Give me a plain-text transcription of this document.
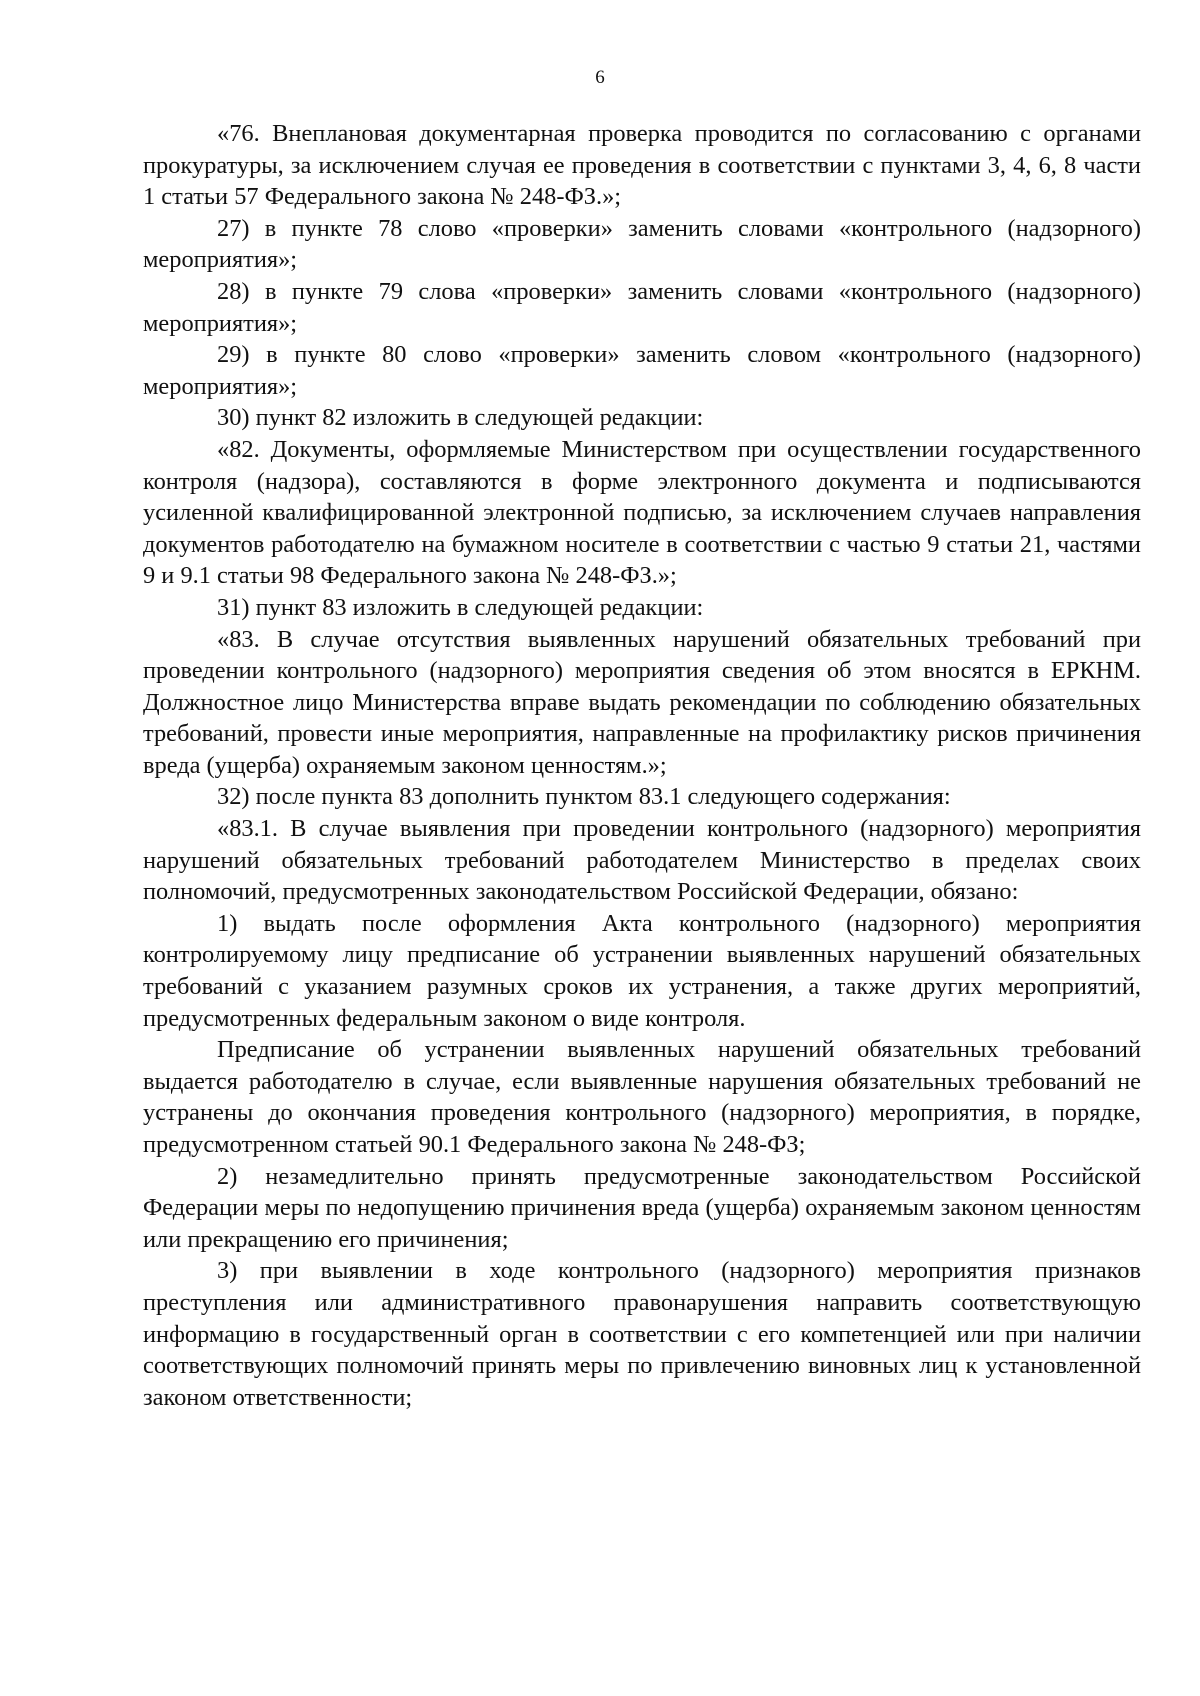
6

«76. Внеплановая документарная проверка проводится по согласованию с органами прокуратуры, за исключением случая ее проведения в соответствии с пунктами 3, 4, 6, 8 части 1 статьи 57 Федерального закона № 248-ФЗ.»;

27) в пункте 78 слово «проверки» заменить словами «контрольного (надзорного) мероприятия»;

28) в пункте 79 слова «проверки» заменить словами «контрольного (надзорного) мероприятия»;

29) в пункте 80 слово «проверки» заменить словом «контрольного (надзорного) мероприятия»;

30) пункт 82 изложить в следующей редакции:

«82. Документы, оформляемые Министерством при осуществлении государственного контроля (надзора), составляются в форме электронного документа и подписываются усиленной квалифицированной электронной подписью, за исключением случаев направления документов работодателю на бумажном носителе в соответствии с частью 9 статьи 21, частями 9 и 9.1 статьи 98 Федерального закона № 248-ФЗ.»;

31) пункт 83 изложить в следующей редакции:

«83. В случае отсутствия выявленных нарушений обязательных требований при проведении контрольного (надзорного) мероприятия сведения об этом вносятся в ЕРКНМ. Должностное лицо Министерства вправе выдать рекомендации по соблюдению обязательных требований, провести иные мероприятия, направленные на профилактику рисков причинения вреда (ущерба) охраняемым законом ценностям.»;

32) после пункта 83 дополнить пунктом 83.1 следующего содержания:

«83.1. В случае выявления при проведении контрольного (надзорного) мероприятия нарушений обязательных требований работодателем Министерство в пределах своих полномочий, предусмотренных законодательством Российской Федерации, обязано:

1) выдать после оформления Акта контрольного (надзорного) мероприятия контролируемому лицу предписание об устранении выявленных нарушений обязательных требований с указанием разумных сроков их устранения, а также других мероприятий, предусмотренных федеральным законом о виде контроля.

Предписание об устранении выявленных нарушений обязательных требований выдается работодателю в случае, если выявленные нарушения обязательных требований не устранены до окончания проведения контрольного (надзорного) мероприятия, в порядке, предусмотренном статьей 90.1 Федерального закона № 248-ФЗ;

2) незамедлительно принять предусмотренные законодательством Российской Федерации меры по недопущению причинения вреда (ущерба) охраняемым законом ценностям или прекращению его причинения;

3) при выявлении в ходе контрольного (надзорного) мероприятия признаков преступления или административного правонарушения направить соответствующую информацию в государственный орган в соответствии с его компетенцией или при наличии соответствующих полномочий принять меры по привлечению виновных лиц к установленной законом ответственности;
